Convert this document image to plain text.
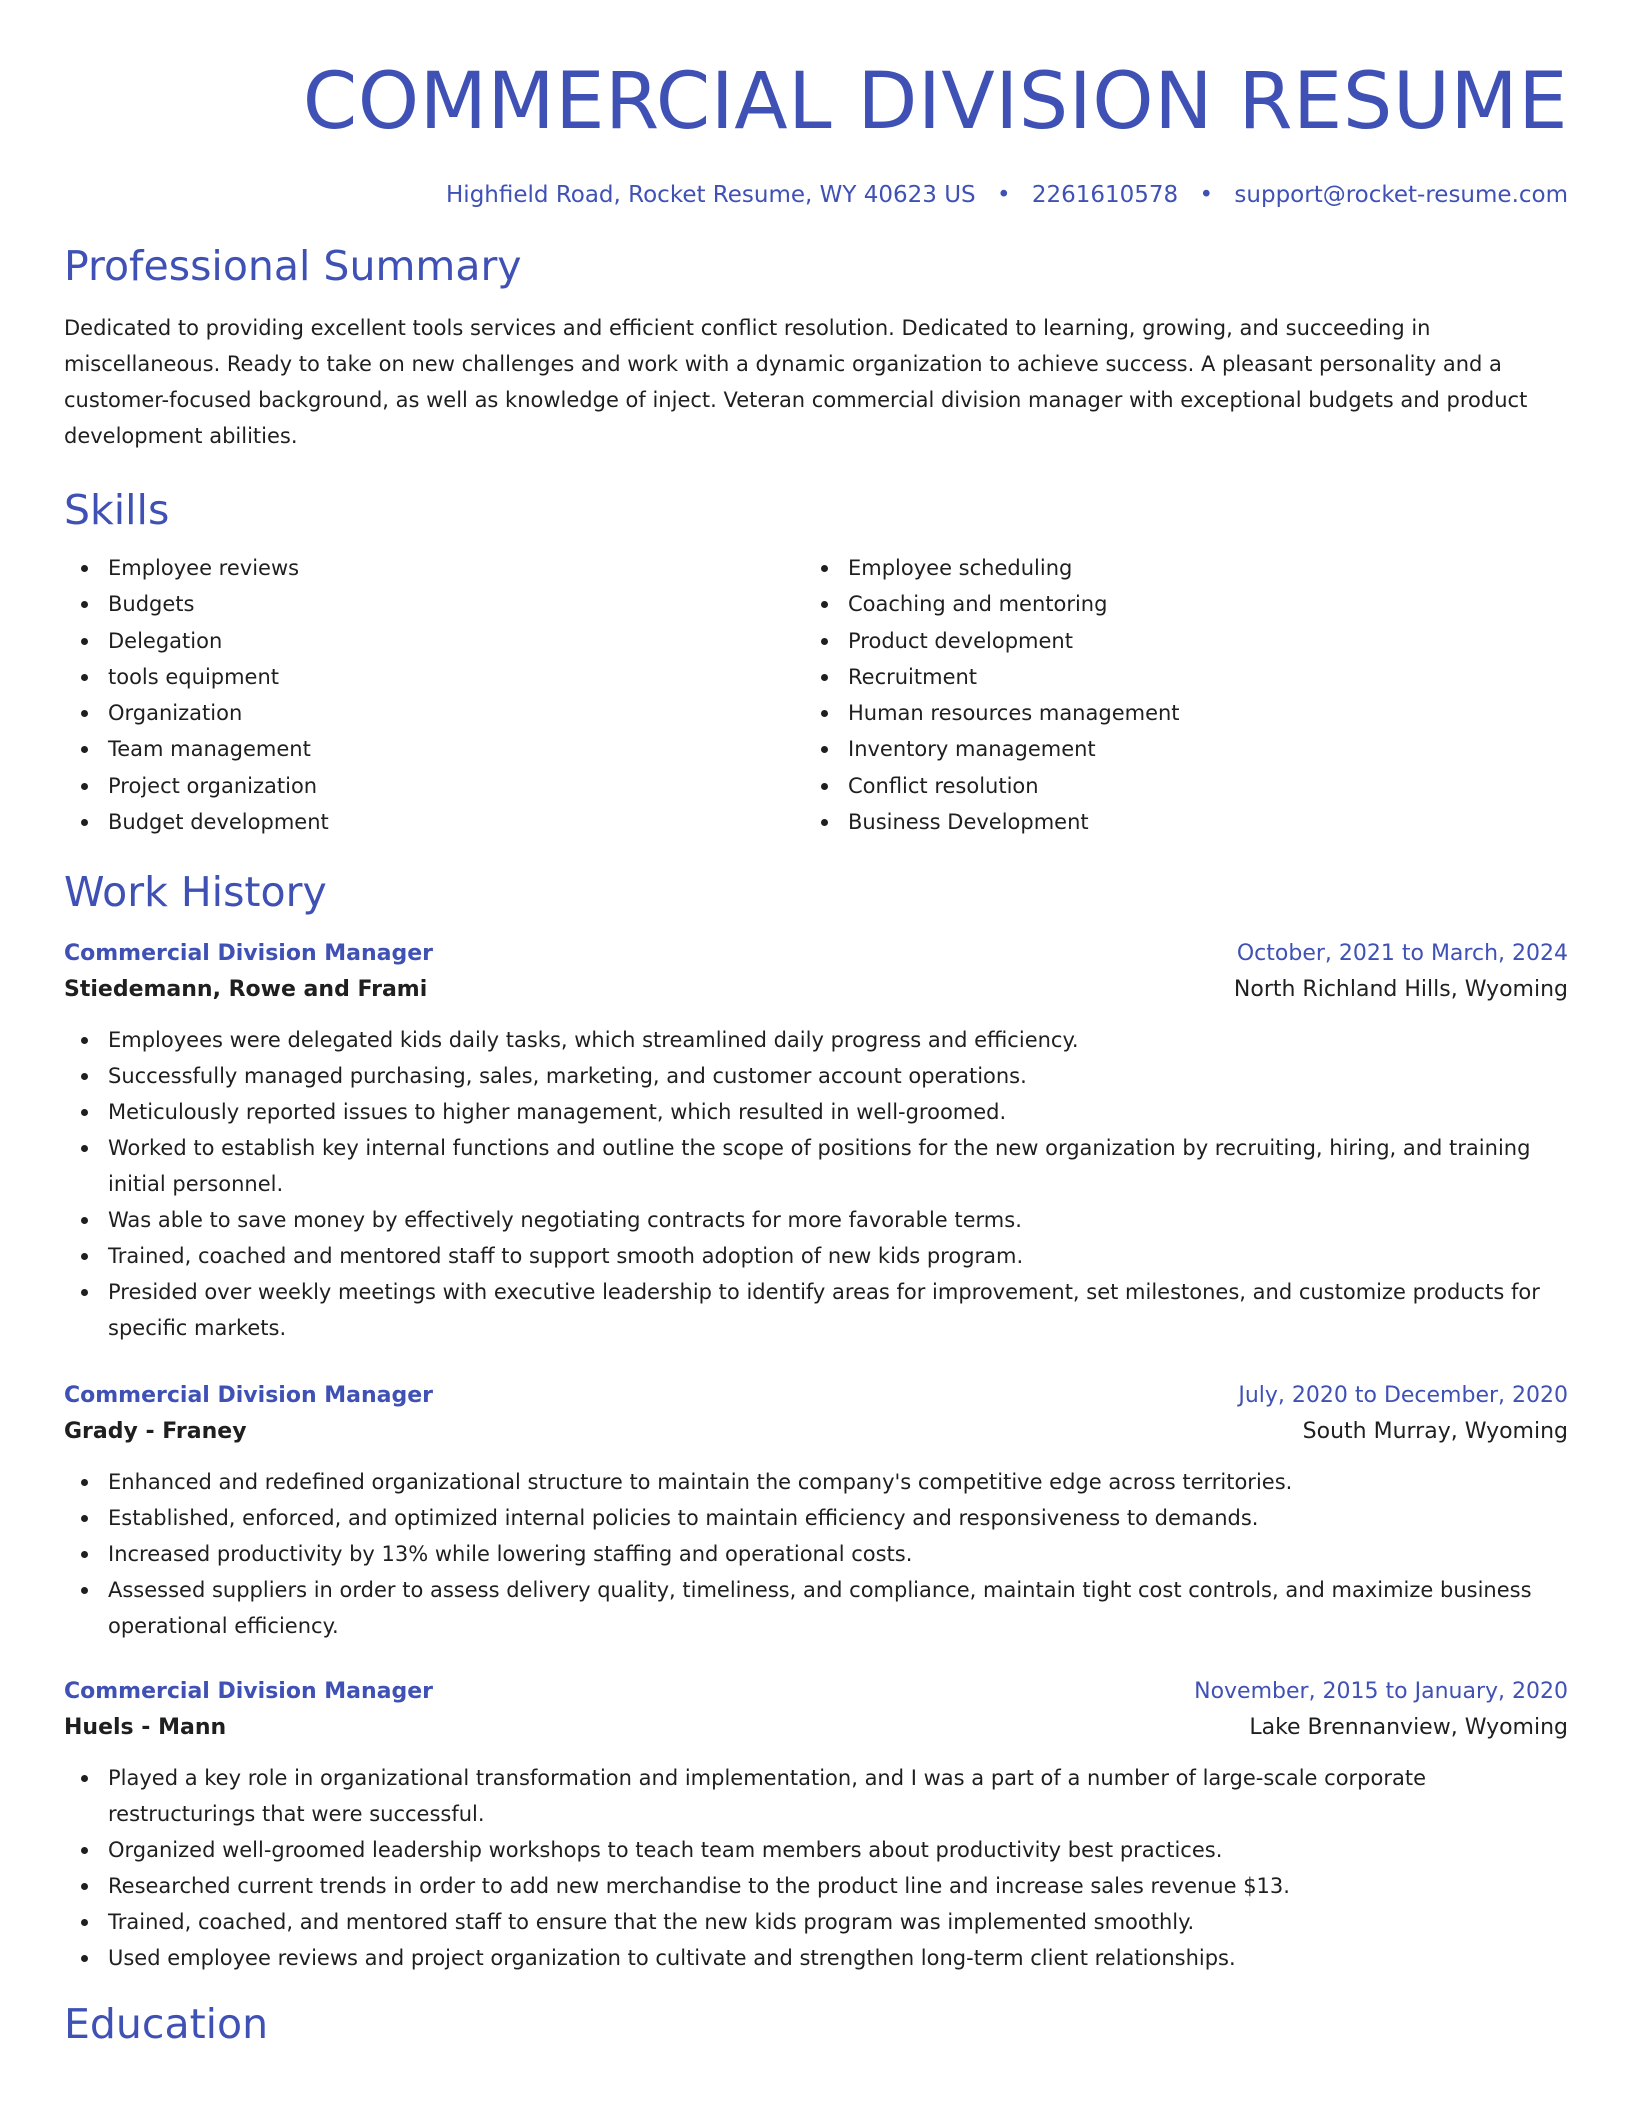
COMMERCIAL DIVISION RESUME
Highfield Road, Rocket Resume, WY 40623 US • 2261610578 • support@rocket-resume.com
Professional Summary

Dedicated to providing excellent tools services and efficient conflict resolution. Dedicated to learning, growing, and succeeding in miscellaneous. Ready to take on new challenges and work with a dynamic organization to achieve success. A pleasant personality and a customer-focused background, as well as knowledge of inject. Veteran commercial division manager with exceptional budgets and product development abilities.

Skills
Employee reviews
Budgets
Delegation
tools equipment
Organization
Team management
Project organization
Budget development
Employee scheduling
Coaching and mentoring
Product development
Recruitment
Human resources management
Inventory management
Conflict resolution
Business Development
Work History
Commercial Division Manager	October, 2021 to March, 2024
Stiedemann, Rowe and Frami	North Richland Hills, Wyoming
Employees were delegated kids daily tasks, which streamlined daily progress and efficiency.
Successfully managed purchasing, sales, marketing, and customer account operations.
Meticulously reported issues to higher management, which resulted in well-groomed.
Worked to establish key internal functions and outline the scope of positions for the new organization by recruiting, hiring, and training initial personnel.
Was able to save money by effectively negotiating contracts for more favorable terms.
Trained, coached and mentored staff to support smooth adoption of new kids program.
Presided over weekly meetings with executive leadership to identify areas for improvement, set milestones, and customize products for specific markets.
Commercial Division Manager	July, 2020 to December, 2020
Grady - Franey	South Murray, Wyoming
Enhanced and redefined organizational structure to maintain the company's competitive edge across territories.
Established, enforced, and optimized internal policies to maintain efficiency and responsiveness to demands.
Increased productivity by 13% while lowering staffing and operational costs.
Assessed suppliers in order to assess delivery quality, timeliness, and compliance, maintain tight cost controls, and maximize business operational efficiency.
Commercial Division Manager	November, 2015 to January, 2020
Huels - Mann	Lake Brennanview, Wyoming
Played a key role in organizational transformation and implementation, and I was a part of a number of large-scale corporate restructurings that were successful.
Organized well-groomed leadership workshops to teach team members about productivity best practices.
Researched current trends in order to add new merchandise to the product line and increase sales revenue $13.
Trained, coached, and mentored staff to ensure that the new kids program was implemented smoothly.
Used employee reviews and project organization to cultivate and strengthen long-term client relationships.
Education
